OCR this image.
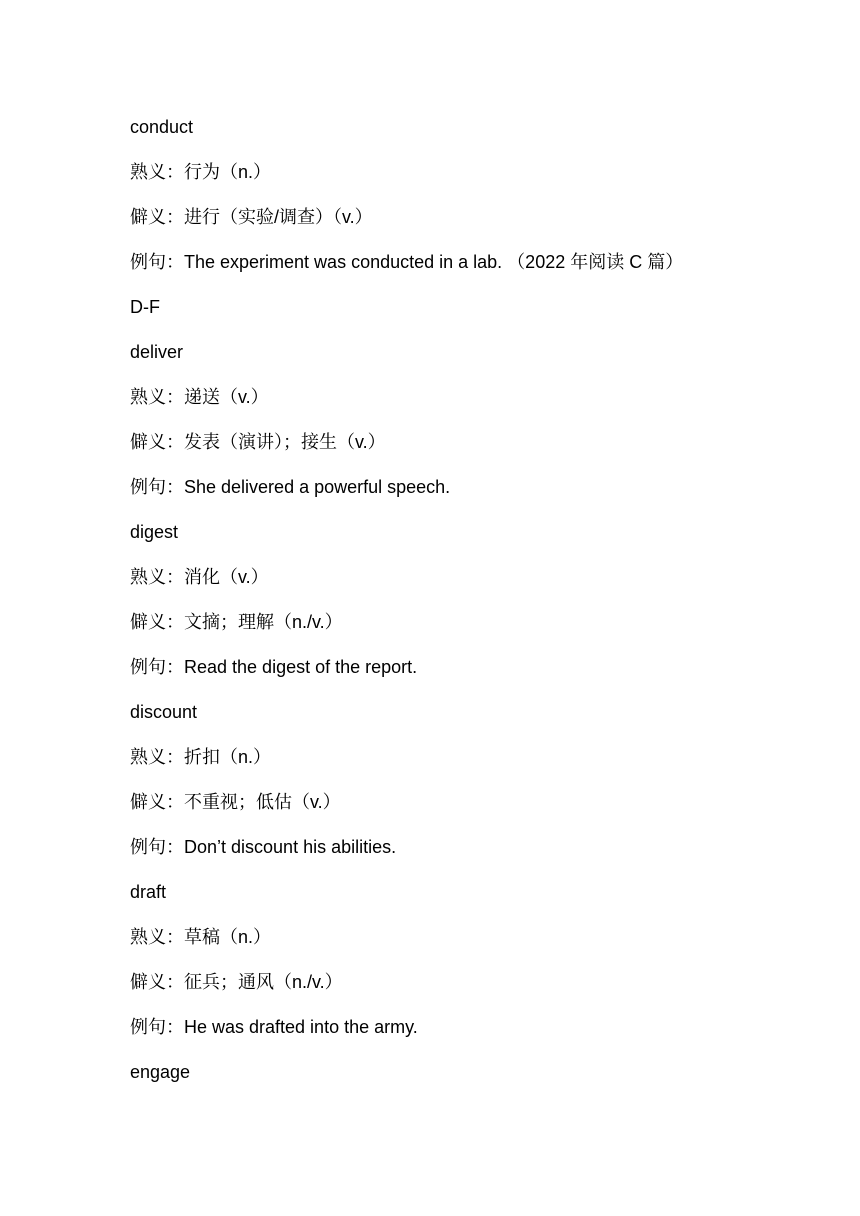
conduct
熟义：行为（n.）
僻义：进行（实验/调查）（v.）
例句：The experiment was conducted in a lab. （2022 年阅读 C 篇）
D-F
deliver
熟义：递送（v.）
僻义：发表（演讲）；接生（v.）
例句：She delivered a powerful speech.
digest
熟义：消化（v.）
僻义：文摘；理解（n./v.）
例句：Read the digest of the report.
discount
熟义：折扣（n.）
僻义：不重视；低估（v.）
例句：Don’t discount his abilities.
draft
熟义：草稿（n.）
僻义：征兵；通风（n./v.）
例句：He was drafted into the army.
engage
